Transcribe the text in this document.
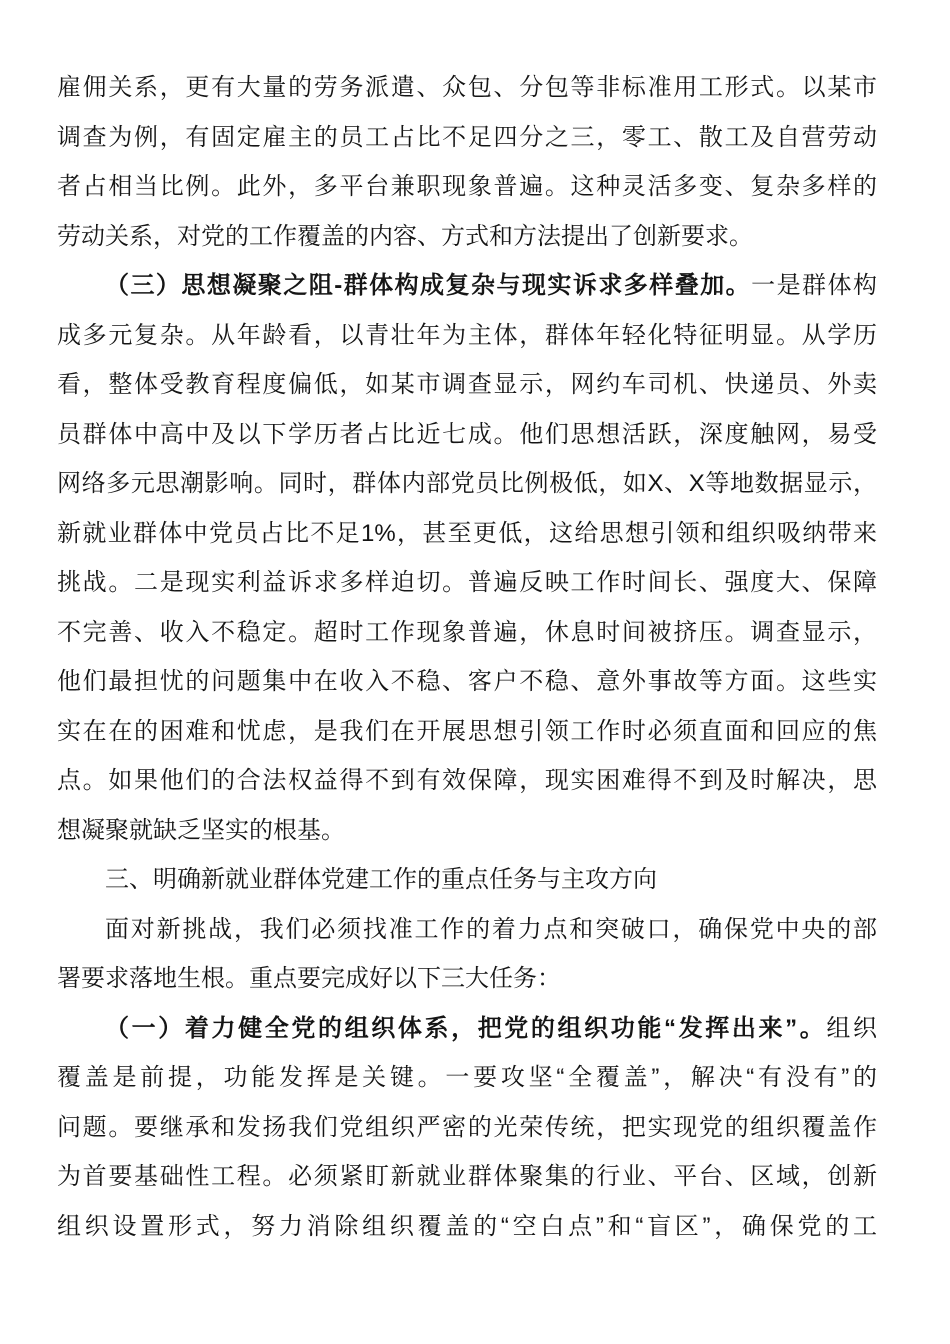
雇佣关系，更有大量的劳务派遣、众包、分包等非标准用工形式。以某市
调查为例，有固定雇主的员工占比不足四分之三，零工、散工及自营劳动
者占相当比例。此外，多平台兼职现象普遍。这种灵活多变、复杂多样的
劳动关系，对党的工作覆盖的内容、方式和方法提出了创新要求。
（三）思想凝聚之阻-群体构成复杂与现实诉求多样叠加。一是群体构
成多元复杂。从年龄看，以青壮年为主体，群体年轻化特征明显。从学历
看，整体受教育程度偏低，如某市调查显示，网约车司机、快递员、外卖
员群体中高中及以下学历者占比近七成。他们思想活跃，深度触网，易受
网络多元思潮影响。同时，群体内部党员比例极低，如X、X等地数据显示，
新就业群体中党员占比不足1%，甚至更低，这给思想引领和组织吸纳带来
挑战。二是现实利益诉求多样迫切。普遍反映工作时间长、强度大、保障
不完善、收入不稳定。超时工作现象普遍，休息时间被挤压。调查显示，
他们最担忧的问题集中在收入不稳、客户不稳、意外事故等方面。这些实
实在在的困难和忧虑，是我们在开展思想引领工作时必须直面和回应的焦
点。如果他们的合法权益得不到有效保障，现实困难得不到及时解决，思
想凝聚就缺乏坚实的根基。
三、明确新就业群体党建工作的重点任务与主攻方向
面对新挑战，我们必须找准工作的着力点和突破口，确保党中央的部
署要求落地生根。重点要完成好以下三大任务：
（一）着力健全党的组织体系，把党的组织功能“发挥出来”。组织
覆盖是前提，功能发挥是关键。一要攻坚“全覆盖”，解决“有没有”的
问题。要继承和发扬我们党组织严密的光荣传统，把实现党的组织覆盖作
为首要基础性工程。必须紧盯新就业群体聚集的行业、平台、区域，创新
组织设置形式，努力消除组织覆盖的“空白点”和“盲区”，确保党的工
